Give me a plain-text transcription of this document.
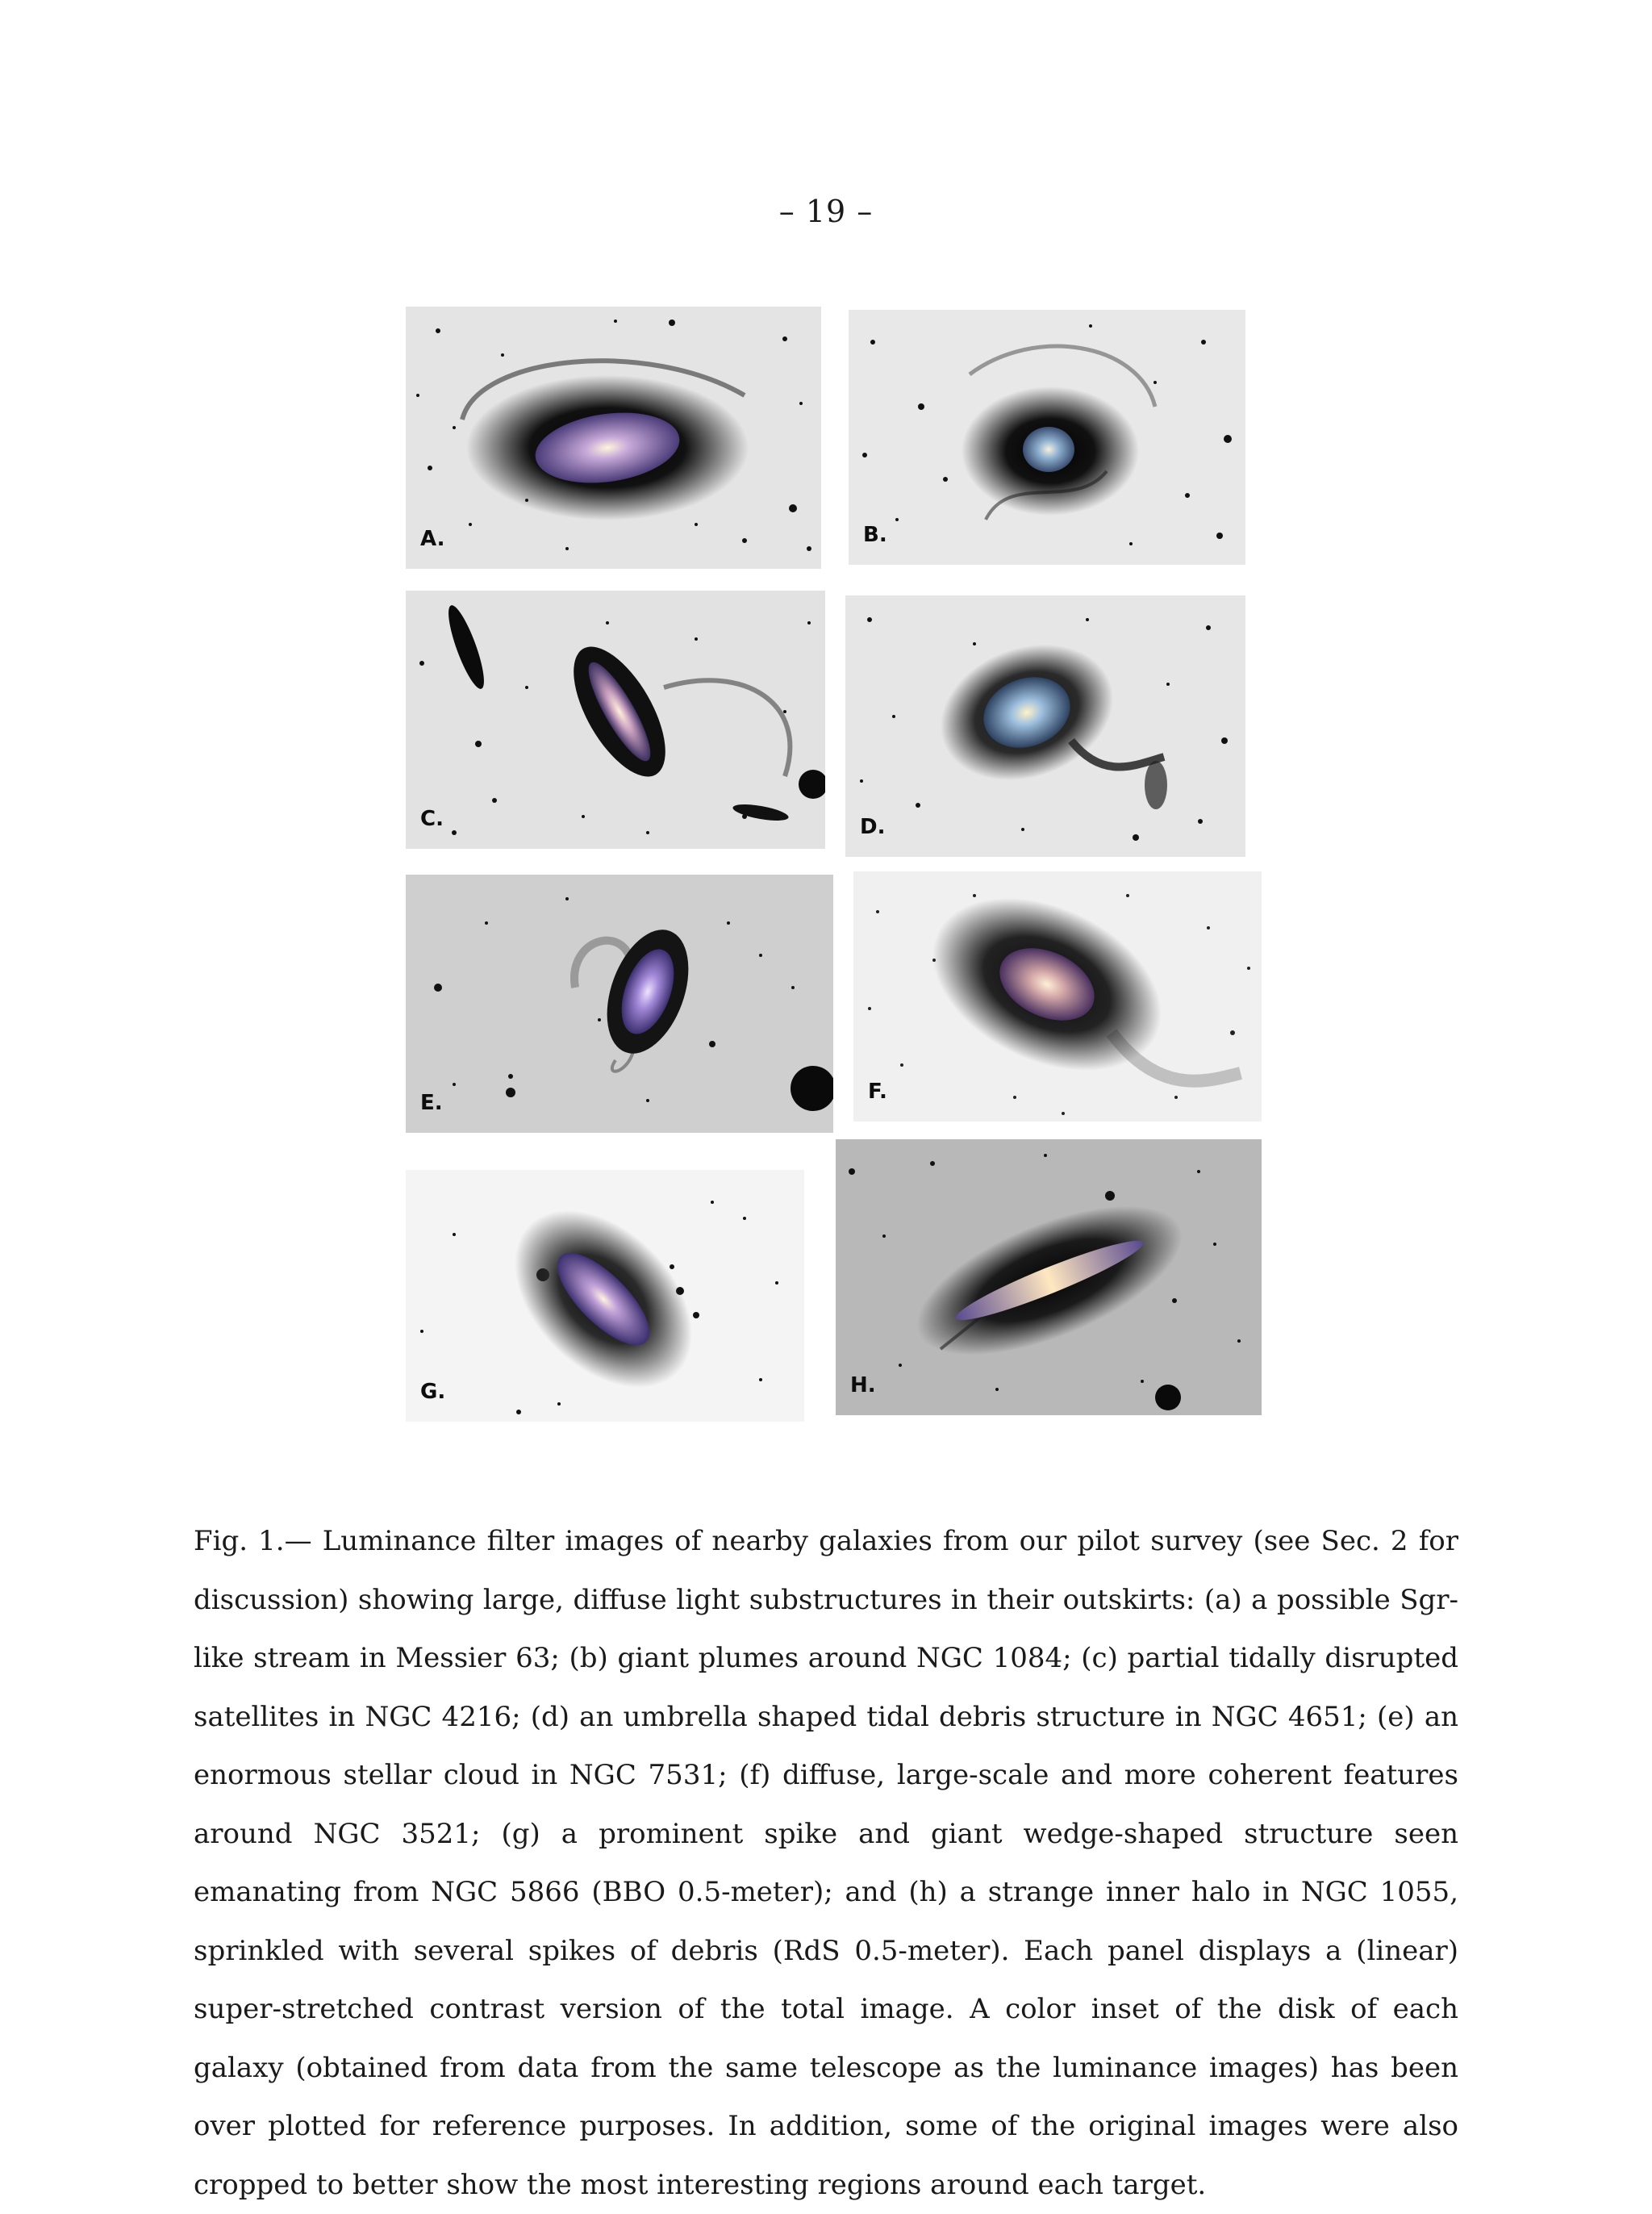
– 19 –
A.	B.
C.	D.
E.	F.
G.	H.

Fig. 1.— Luminance filter images of nearby galaxies from our pilot survey (see Sec. 2 for discussion) showing large, diffuse light substructures in their outskirts: (a) a possible Sgr-like stream in Messier 63; (b) giant plumes around NGC 1084; (c) partial tidally disrupted satellites in NGC 4216; (d) an umbrella shaped tidal debris structure in NGC 4651; (e) an enormous stellar cloud in NGC 7531; (f) diffuse, large-scale and more coherent features around NGC 3521; (g) a prominent spike and giant wedge-shaped structure seen emanating from NGC 5866 (BBO 0.5-meter); and (h) a strange inner halo in NGC 1055, sprinkled with several spikes of debris (RdS 0.5-meter). Each panel displays a (linear) super-stretched contrast version of the total image. A color inset of the disk of each galaxy (obtained from data from the same telescope as the luminance images) has been over plotted for reference purposes. In addition, some of the original images were also cropped to better show the most interesting regions around each target.
